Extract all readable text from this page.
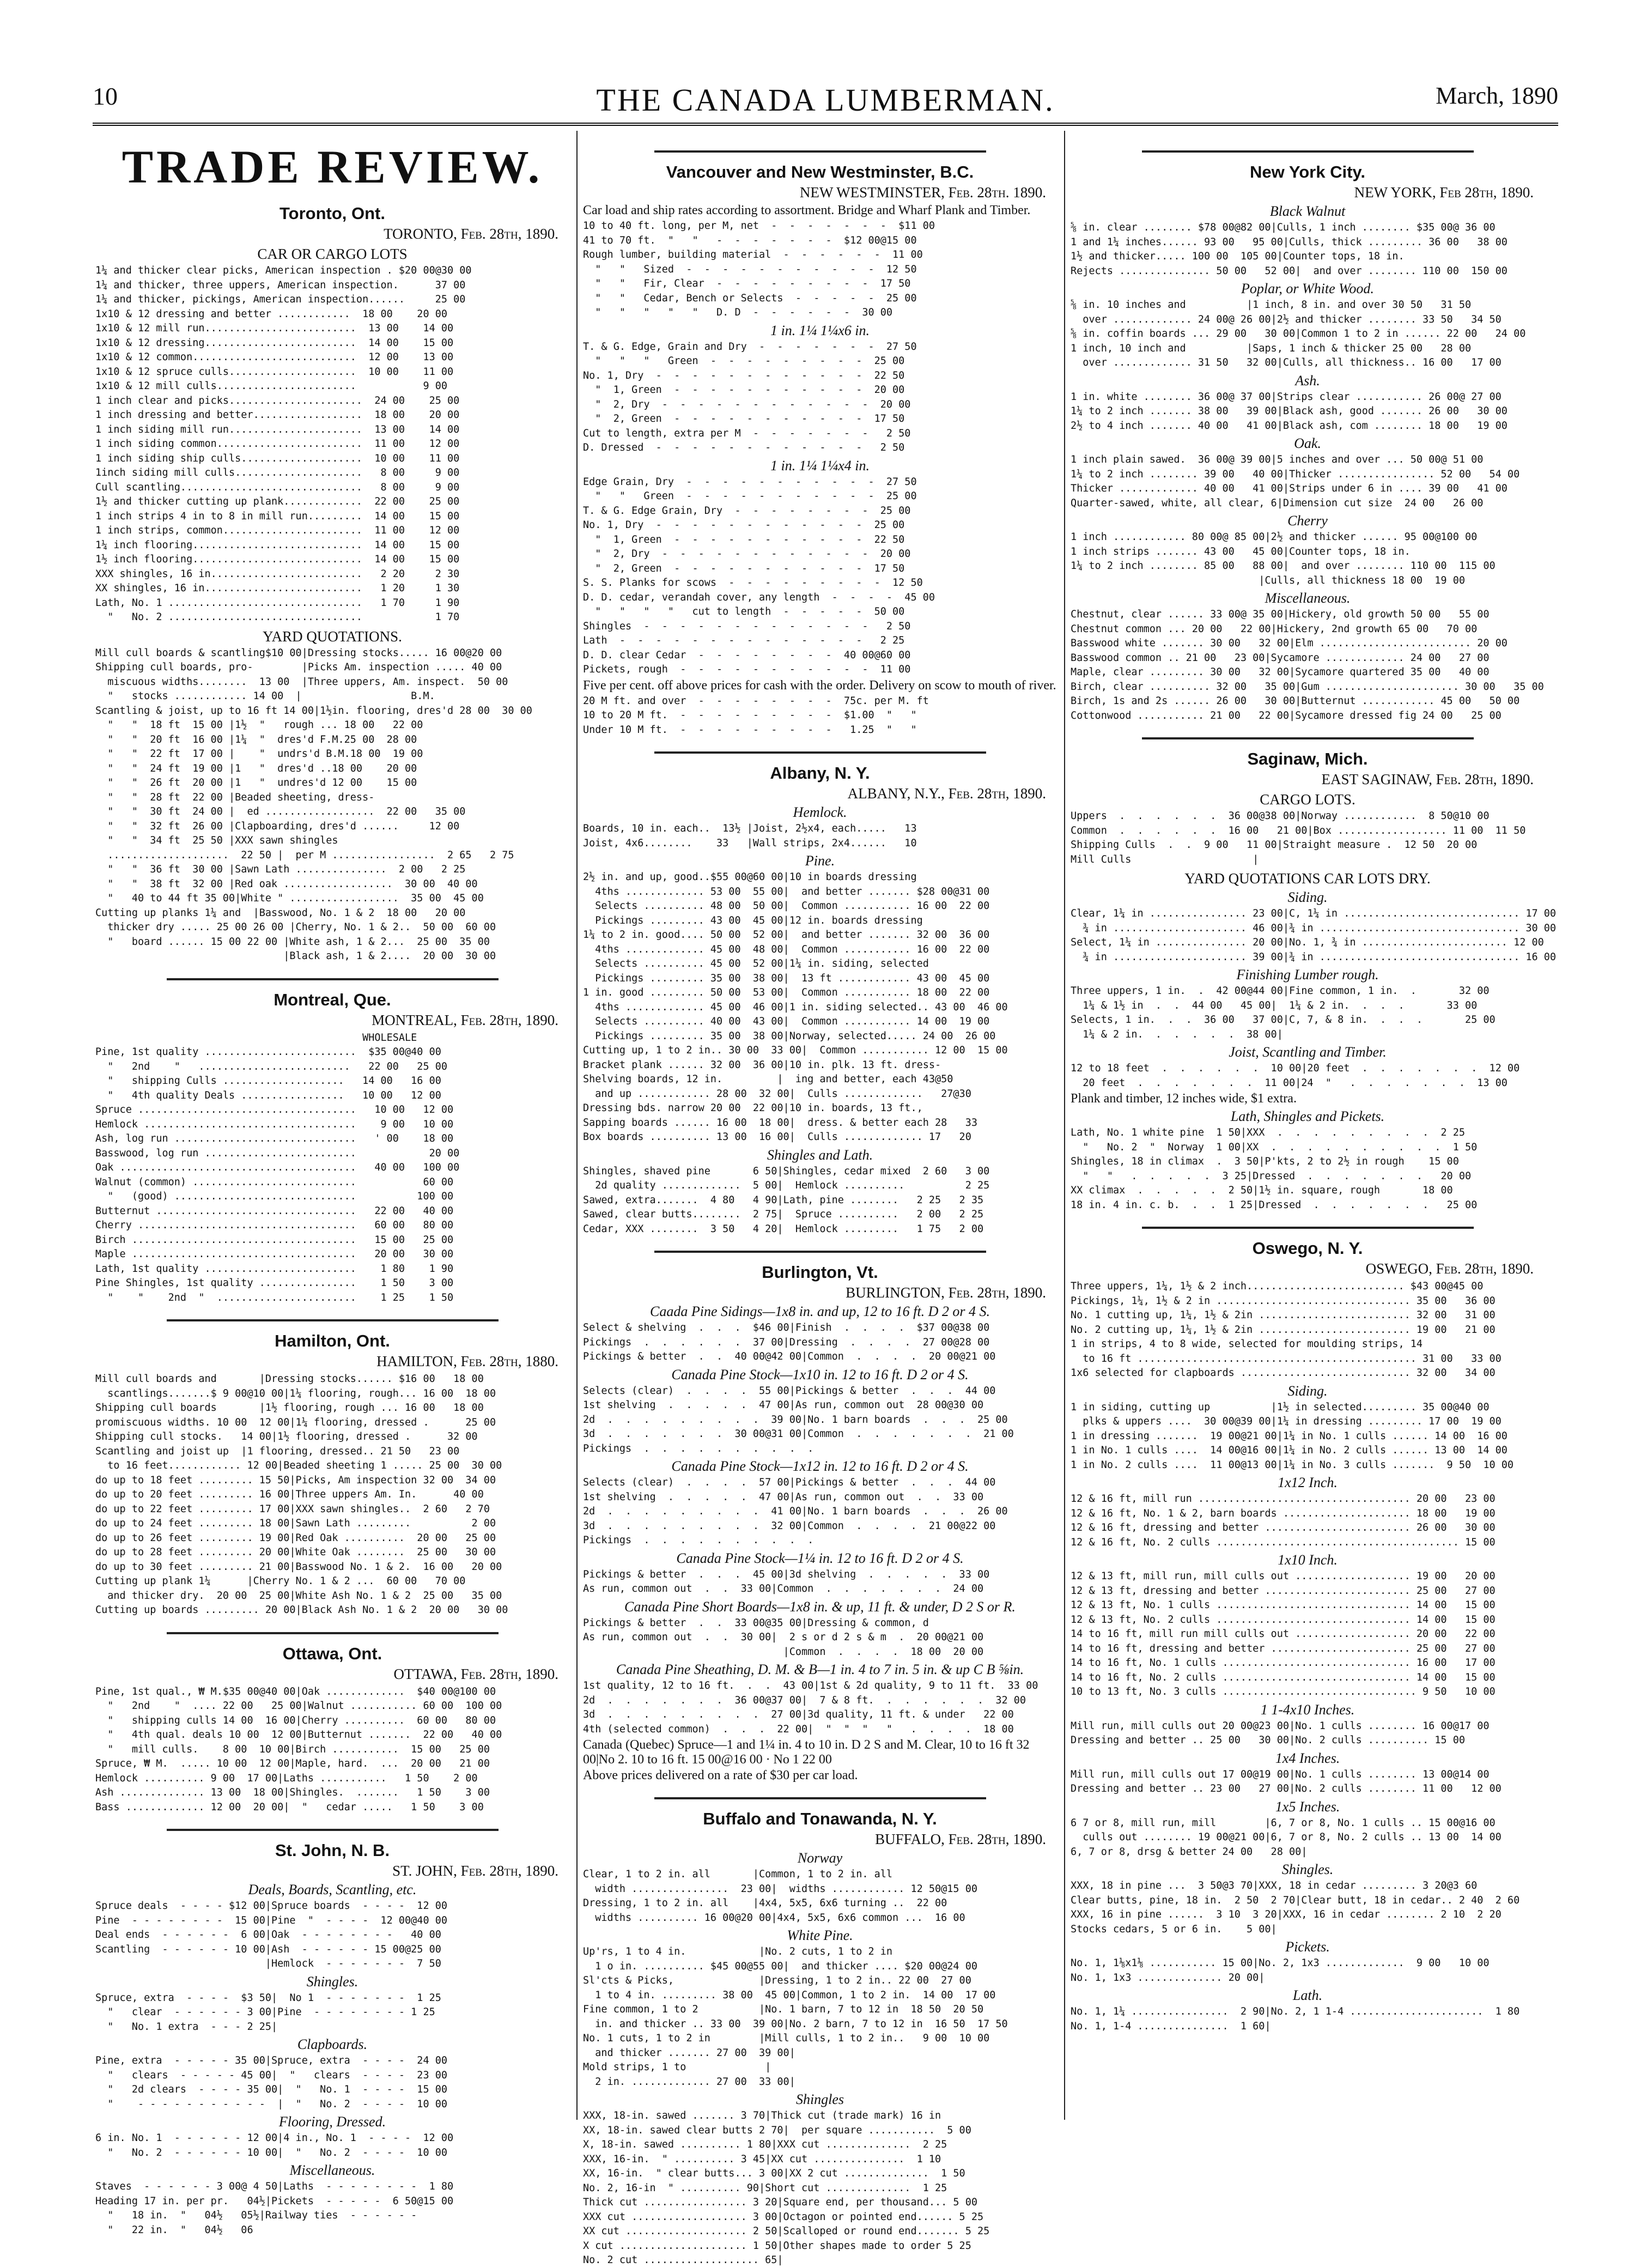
10	THE CANADA LUMBERMAN.	March, 1890
TRADE REVIEW.
Toronto, Ont.
TORONTO, Feb. 28th, 1890.
CAR OR CARGO LOTS
1¼ and thicker clear picks, American inspection . $20 00@30 00
1¼ and thicker, three uppers, American inspection.      37 00
1¼ and thicker, pickings, American inspection......     25 00
1x10 & 12 dressing and better ............  18 00    20 00
1x10 & 12 mill run.........................  13 00    14 00
1x10 & 12 dressing.........................  14 00    15 00
1x10 & 12 common...........................  12 00    13 00
1x10 & 12 spruce culls.....................  10 00    11 00
1x10 & 12 mill culls.......................           9 00
1 inch clear and picks......................  24 00    25 00
1 inch dressing and better..................  18 00    20 00
1 inch siding mill run......................  13 00    14 00
1 inch siding common........................  11 00    12 00
1 inch siding ship culls....................  10 00    11 00
1inch siding mill culls.....................   8 00     9 00
Cull scantling..............................   8 00     9 00
1½ and thicker cutting up plank.............  22 00    25 00
1 inch strips 4 in to 8 in mill run.........  14 00    15 00
1 inch strips, common.......................  11 00    12 00
1¼ inch flooring............................  14 00    15 00
1½ inch flooring............................  14 00    15 00
XXX shingles, 16 in.........................   2 20     2 30
XX shingles, 16 in..........................   1 20     1 30
Lath, No. 1 ................................   1 70     1 90
"   No. 2 ................................            1 70
YARD QUOTATIONS.
Mill cull boards & scantling$10 00|Dressing stocks..... 16 00@20 00
Shipping cull boards, pro-        |Picks Am. inspection ..... 40 00
miscuous widths........  13 00  |Three uppers, Am. inspect.  50 00
"   stocks ............ 14 00  |                  B.M.
Scantling & joist, up to 16 ft 14 00|1½in. flooring, dres'd 28 00  30 00
"   "  18 ft  15 00 |1½  "   rough ... 18 00   22 00
"   "  20 ft  16 00 |1¼  "  dres'd F.M.25 00  28 00
"   "  22 ft  17 00 |    "  undrs'd B.M.18 00  19 00
"   "  24 ft  19 00 |1   "  dres'd ..18 00    20 00
"   "  26 ft  20 00 |1   "  undres'd 12 00    15 00
"   "  28 ft  22 00 |Beaded sheeting, dress-
"   "  30 ft  24 00 |  ed ..................  22 00   35 00
"   "  32 ft  26 00 |Clapboarding, dres'd ......     12 00
"   "  34 ft  25 50 |XXX sawn shingles
....................  22 50 |  per M .................  2 65   2 75
"   "  36 ft  30 00 |Sawn Lath ...............  2 00   2 25
"   "  38 ft  32 00 |Red oak ..................  30 00  40 00
"   40 to 44 ft 35 00|White " ..................  35 00  45 00
Cutting up planks 1¼ and  |Basswood, No. 1 & 2  18 00   20 00
thicker dry ..... 25 00 26 00 |Cherry, No. 1 & 2..  50 00  60 00
"   board ...... 15 00 22 00 |White ash, 1 & 2...  25 00  35 00
|Black ash, 1 & 2....  20 00  30 00
Montreal, Que.
MONTREAL, Feb. 28th, 1890.
WHOLESALE
Pine, 1st quality .........................  $35 00@40 00
"   2nd    "   .........................   22 00   25 00
"   shipping Culls ....................   14 00   16 00
"   4th quality Deals .................   10 00   12 00
Spruce ....................................   10 00   12 00
Hemlock ...................................    9 00   10 00
Ash, log run ..............................   ' 00    18 00
Basswood, log run .........................            20 00
Oak .......................................   40 00   100 00
Walnut (common) ...........................           60 00
"   (good) ..............................          100 00
Butternut .................................   22 00   40 00
Cherry ....................................   60 00   80 00
Birch .....................................   15 00   25 00
Maple .....................................   20 00   30 00
Lath, 1st quality .........................    1 80    1 90
Pine Shingles, 1st quality ................    1 50    3 00
"    "    2nd  "  .......................    1 25    1 50
Hamilton, Ont.
HAMILTON, Feb. 28th, 1880.
Mill cull boards and       |Dressing stocks...... $16 00   18 00
scantlings.......$ 9 00@10 00|1¼ flooring, rough... 16 00  18 00
Shipping cull boards       |1½ flooring, rough ... 16 00   18 00
promiscuous widths. 10 00  12 00|1¼ flooring, dressed .      25 00
Shipping cull stocks.   14 00|1½ flooring, dressed .      32 00
Scantling and joist up  |1 flooring, dressed.. 21 50   23 00
to 16 feet............ 12 00|Beaded sheeting 1 ..... 25 00  30 00
do up to 18 feet ......... 15 50|Picks, Am inspection 32 00  34 00
do up to 20 feet ......... 16 00|Three uppers Am. In.      40 00
do up to 22 feet ......... 17 00|XXX sawn shingles..  2 60   2 70
do up to 24 feet ......... 18 00|Sawn Lath .........          2 00
do up to 26 feet ......... 19 00|Red Oak ..........  20 00   25 00
do up to 28 feet ......... 20 00|White Oak ........  25 00   30 00
do up to 30 feet ......... 21 00|Basswood No. 1 & 2.  16 00   20 00
Cutting up plank 1¼      |Cherry No. 1 & 2 ...  60 00   70 00
and thicker dry.  20 00  25 00|White Ash No. 1 & 2  25 00   35 00
Cutting up boards ......... 20 00|Black Ash No. 1 & 2  20 00   30 00
Ottawa, Ont.
OTTAWA, Feb. 28th, 1890.
Pine, 1st qual., ₩ M.$35 00@40 00|Oak .............  $40 00@100 00
"   2nd    "  .... 22 00   25 00|Walnut ........... 60 00  100 00
"   shipping culls 14 00  16 00|Cherry ..........  60 00   80 00
"   4th qual. deals 10 00  12 00|Butternut .......  22 00   40 00
"   mill culls.    8 00  10 00|Birch ...........  15 00   25 00
Spruce, ₩ M.  ..... 10 00  12 00|Maple, hard.  ...  20 00   21 00
Hemlock .......... 9 00  17 00|Laths ...........   1 50    2 00
Ash .............. 13 00  18 00|Shingles.  .......   1 50    3 00
Bass ............. 12 00  20 00|  "   cedar .....   1 50    3 00
St. John, N. B.
ST. JOHN, Feb. 28th, 1890.
Deals, Boards, Scantling, etc.
Spruce deals  - - - - $12 00|Spruce boards  - - - -  12 00
Pine  - - - - - - - -  15 00|Pine  "  - - - -  12 00@40 00
Deal ends  - - - - - -  6 00|Oak  - - - - - - - -   40 00
Scantling  - - - - - - 10 00|Ash  - - - - - - 15 00@25 00
|Hemlock  - - - - - - -  7 50
Shingles.
Spruce, extra  - - - -  $3 50|  No 1  - - - - - - -  1 25
"   clear  - - - - - - 3 00|Pine  - - - - - - - - 1 25
"   No. 1 extra  - - - 2 25|
Clapboards.
Pine, extra  - - - - - 35 00|Spruce, extra  - - - -  24 00
"   clears  - - - - - 45 00|  "   clears  - - - -  23 00
"   2d clears  - - - - 35 00|  "   No. 1  - - - -  15 00
"    - - - - - - - - - - -  |  "   No. 2  - - - -  10 00
Flooring, Dressed.
6 in. No. 1  - - - - - - 12 00|4 in., No. 1  - - - -  12 00
"   No. 2  - - - - - - 10 00|  "   No. 2  - - - -  10 00
Miscellaneous.
Staves  - - - - - - 3 00@ 4 50|Laths  - - - - - - - -  1 80
Heading 17 in. per pr.   04½|Pickets  - - - - -  6 50@15 00
"   18 in.  "   04½   05½|Railway ties  - - - - - -
"   22 in.  "   04½   06
Vancouver and New Westminster, B.C.
NEW WESTMINSTER, Feb. 28th. 1890.
Car load and ship rates according to assortment. Bridge and Wharf Plank and Timber.
10 to 40 ft. long, per M, net  -  -  -  -  -  -  -  $11 00
41 to 70 ft.  "   "   -  -  -  -  -  -  -  $12 00@15 00
Rough lumber, building material  -  -  -  -  -  -  11 00
"   "   Sized  -  -  -  -  -  -  -  -  -  -  -  12 50
"   "   Fir, Clear  -  -  -  -  -  -  -  -  -  17 50
"   "   Cedar, Bench or Selects  -  -  -  -  -  25 00
"   "   "   "   "   D. D  -  -  -  -  -  -  30 00
1 in. 1¼ 1¼x6 in.
T. & G. Edge, Grain and Dry  -  -  -  -  -  -  -  27 50
"   "   "   Green  -  -  -  -  -  -  -  -  -  25 00
No. 1, Dry  -  -  -  -  -  -  -  -  -  -  -  -  22 50
"  1, Green  -  -  -  -  -  -  -  -  -  -  -  20 00
"  2, Dry  -  -  -  -  -  -  -  -  -  -  -  -  20 00
"  2, Green  -  -  -  -  -  -  -  -  -  -  -  17 50
Cut to length, extra per M  -  -  -  -  -  -  -   2 50
D. Dressed  -  -  -  -  -  -  -  -  -  -  -  -   2 50
1 in. 1¼ 1¼x4 in.
Edge Grain, Dry  -  -  -  -  -  -  -  -  -  -  -  27 50
"   "   Green  -  -  -  -  -  -  -  -  -  -  -  25 00
T. & G. Edge Grain, Dry  -  -  -  -  -  -  -  -  25 00
No. 1, Dry  -  -  -  -  -  -  -  -  -  -  -  -  25 00
"  1, Green  -  -  -  -  -  -  -  -  -  -  -  22 50
"  2, Dry  -  -  -  -  -  -  -  -  -  -  -  -  20 00
"  2, Green  -  -  -  -  -  -  -  -  -  -  -  17 50
S. S. Planks for scows  -  -  -  -  -  -  -  -  -  12 50
D. D. cedar, verandah cover, any length  -  -  -  -  45 00
"   "   "   "   cut to length  -  -  -  -  -  50 00
Shingles  -  -  -  -  -  -  -  -  -  -  -  -  -   2 50
Lath  -  -  -  -  -  -  -  -  -  -  -  -  -  -   2 25
D. D. clear Cedar  -  -  -  -  -  -  -  -  40 00@60 00
Pickets, rough  -  -  -  -  -  -  -  -  -  -  -  11 00
Five per cent. off above prices for cash with the order. Delivery on scow to mouth of river.
20 M ft. and over  -  -  -  -  -  -  -  -  75c. per M. ft
10 to 20 M ft.  -  -  -  -  -  -  -  -  -  $1.00  "   "
Under 10 M ft.  -  -  -  -  -  -  -  -  -   1.25  "   "
Albany, N. Y.
ALBANY, N.Y., Feb. 28th, 1890.
Hemlock.
Boards, 10 in. each..  13½ |Joist, 2½x4, each.....   13
Joist, 4x6........    33   |Wall strips, 2x4......   10
Pine.
2½ in. and up, good..$55 00@60 00|10 in boards dressing
4ths ............. 53 00  55 00|  and better ....... $28 00@31 00
Selects .......... 48 00  50 00|  Common ........... 16 00  22 00
Pickings ......... 43 00  45 00|12 in. boards dressing
1¼ to 2 in. good.... 50 00  52 00|  and better ....... 32 00  36 00
4ths ............. 45 00  48 00|  Common ........... 16 00  22 00
Selects .......... 45 00  52 00|1¼ in. siding, selected
Pickings ......... 35 00  38 00|  13 ft ............ 43 00  45 00
1 in. good ......... 50 00  53 00|  Common ........... 18 00  22 00
4ths ............. 45 00  46 00|1 in. siding selected.. 43 00  46 00
Selects .......... 40 00  43 00|  Common ........... 14 00  19 00
Pickings ......... 35 00  38 00|Norway, selected..... 24 00  26 00
Cutting up, 1 to 2 in.. 30 00  33 00|  Common ........... 12 00  15 00
Bracket plank ...... 32 00  36 00|10 in. plk. 13 ft. dress-
Shelving boards, 12 in.         |  ing and better, each 43@50
and up ............ 28 00  32 00|  Culls .............   27@30
Dressing bds. narrow 20 00  22 00|10 in. boards, 13 ft.,
Sapping boards ...... 16 00  18 00|  dress. & better each 28   33
Box boards .......... 13 00  16 00|  Culls ............. 17   20
Shingles and Lath.
Shingles, shaved pine       6 50|Shingles, cedar mixed  2 60   3 00
2d quality .............  5 00|  Hemlock ..........          2 25
Sawed, extra.......  4 80   4 90|Lath, pine ........   2 25   2 35
Sawed, clear butts........  2 75|  Spruce ..........   2 00   2 25
Cedar, XXX ........  3 50   4 20|  Hemlock .........   1 75   2 00
Burlington, Vt.
BURLINGTON, Feb. 28th, 1890.
Caada Pine Sidings—1x8 in. and up, 12 to 16 ft. D 2 or 4 S.
Select & shelving  .  .  .  $46 00|Finish  .  .  .  .  $37 00@38 00
Pickings  .  .  .  .  .  .  37 00|Dressing  .  .  .  .  27 00@28 00
Pickings & better  .  .  40 00@42 00|Common  .  .  .  .  20 00@21 00
Canada Pine Stock—1x10 in. 12 to 16 ft. D 2 or 4 S.
Selects (clear)  .  .  .  .  55 00|Pickings & better  .  .  .  44 00
1st shelving  .  .  .  .  .  47 00|As run, common out  28 00@30 00
2d  .  .  .  .  .  .  .  .  .  39 00|No. 1 barn boards  .  .  .  25 00
3d  .  .  .  .  .  .  .  30 00@31 00|Common  .  .  .  .  .  .  .  21 00
Pickings  .  .  .  .  .  .  .  .  .  .
Canada Pine Stock—1x12 in. 12 to 16 ft. D 2 or 4 S.
Selects (clear)  .  .  .  .  57 00|Pickings & better  .  .  .  44 00
1st shelving  .  .  .  .  .  47 00|As run, common out  .  .  33 00
2d  .  .  .  .  .  .  .  .  .  41 00|No. 1 barn boards  .  .  .  26 00
3d  .  .  .  .  .  .  .  .  .  32 00|Common  .  .  .  .  21 00@22 00
Pickings  .  .  .  .  .  .  .  .  .  .
Canada Pine Stock—1¼ in. 12 to 16 ft. D 2 or 4 S.
Pickings & better  .  .  .  45 00|3d shelving  .  .  .  .  .  33 00
As run, common out  .  .  33 00|Common  .  .  .  .  .  .  .  24 00
Canada Pine Short Boards—1x8 in. & up, 11 ft. & under, D 2 S or R.
Pickings & better  .  .  33 00@35 00|Dressing & common, d
As run, common out  .  .  30 00|  2 s or d 2 s & m  .  20 00@21 00
|Common  .  .  .  .  18 00  20 00
Canada Pine Sheathing, D. M. & B—1 in. 4 to 7 in. 5 in. & up C B ⅝in.
1st quality, 12 to 16 ft.  .  .  43 00|1st & 2d quality, 9 to 11 ft.  33 00
2d  .  .  .  .  .  .  .  36 00@37 00|  7 & 8 ft.  .  .  .  .  .  .  32 00
3d  .  .  .  .  .  .  .  .  .  27 00|3d quality, 11 ft. & under   22 00
4th (selected common)  .  .  .  22 00|  "  "  "   "   .  .  .  .  18 00
Canada (Quebec) Spruce—1 and 1¼ in. 4 to 10 in. D 2 S and M. Clear, 10 to 16 ft 32 00|No 2. 10 to 16 ft. 15 00@16 00 · No 1 22 00
Above prices delivered on a rate of $30 per car load.
Buffalo and Tonawanda, N. Y.
BUFFALO, Feb. 28th, 1890.
Norway
Clear, 1 to 2 in. all       |Common, 1 to 2 in. all
width ................  23 00|  widths ............ 12 50@15 00
Dressing, 1 to 2 in. all    |4x4, 5x5, 6x6 turning ..  22 00
widths .......... 16 00@20 00|4x4, 5x5, 6x6 common ...  16 00
White Pine.
Up'rs, 1 to 4 in.            |No. 2 cuts, 1 to 2 in
1 o in. .......... $45 00@55 00|  and thicker .... $20 00@24 00
Sl'cts & Picks,              |Dressing, 1 to 2 in.. 22 00  27 00
1 to 4 in. ......... 38 00  45 00|Common, 1 to 2 in.  14 00  17 00
Fine common, 1 to 2          |No. 1 barn, 7 to 12 in  18 50  20 50
in. and thicker .. 33 00  39 00|No. 2 barn, 7 to 12 in  16 50  17 50
No. 1 cuts, 1 to 2 in        |Mill culls, 1 to 2 in..   9 00  10 00
and thicker ....... 27 00  39 00|
Mold strips, 1 to             |
2 in. ............. 27 00  33 00|
Shingles
XXX, 18-in. sawed ....... 3 70|Thick cut (trade mark) 16 in
XX, 18-in. sawed clear butts 2 70|  per square ...........  5 00
X, 18-in. sawed .......... 1 80|XXX cut ..............  2 25
XXX, 16-in.  " .......... 3 45|XX cut ...............  1 10
XX, 16-in.  " clear butts... 3 00|XX 2 cut ..............  1 50
No. 2, 16-in  " .......... 90|Short cut ..............  1 25
Thick cut ................. 3 20|Square end, per thousand... 5 00
XXX cut ................... 3 00|Octagon or pointed end...... 5 25
XX cut .................... 2 50|Scalloped or round end....... 5 25
X cut ..................... 1 50|Other shapes made to order 5 25
No. 2 cut ................... 65|
New York City.
NEW YORK, Feb 28th, 1890.
Black Walnut
⅝ in. clear ........ $78 00@82 00|Culls, 1 inch ........ $35 00@ 36 00
1 and 1¼ inches...... 93 00   95 00|Culls, thick ......... 36 00   38 00
1½ and thicker..... 100 00  105 00|Counter tops, 18 in.
Rejects ............... 50 00   52 00|  and over ........ 110 00  150 00
Poplar, or White Wood.
⅝ in. 10 inches and          |1 inch, 8 in. and over 30 50   31 50
over ............. 24 00@ 26 00|2½ and thicker ........ 33 50   34 50
⅝ in. coffin boards ... 29 00   30 00|Common 1 to 2 in ...... 22 00   24 00
1 inch, 10 inch and          |Saps, 1 inch & thicker 25 00   28 00
over ............. 31 50   32 00|Culls, all thickness.. 16 00   17 00
Ash.
1 in. white ........ 36 00@ 37 00|Strips clear ........... 26 00@ 27 00
1¼ to 2 inch ....... 38 00   39 00|Black ash, good ....... 26 00   30 00
2½ to 4 inch ....... 40 00   41 00|Black ash, com ........ 18 00   19 00
Oak.
1 inch plain sawed.  36 00@ 39 00|5 inches and over ... 50 00@ 51 00
1¼ to 2 inch ........ 39 00   40 00|Thicker ................ 52 00   54 00
Thicker ............. 40 00   41 00|Strips under 6 in .... 39 00   41 00
Quarter-sawed, white, all clear, 6|Dimension cut size  24 00   26 00
Cherry
1 inch ............ 80 00@ 85 00|2½ and thicker ...... 95 00@100 00
1 inch strips ....... 43 00   45 00|Counter tops, 18 in.
1¼ to 2 inch ........ 85 00   88 00|  and over ........ 110 00  115 00
|Culls, all thickness 18 00  19 00
Miscellaneous.
Chestnut, clear ...... 33 00@ 35 00|Hickery, old growth 50 00   55 00
Chestnut common ... 20 00   22 00|Hickery, 2nd growth 65 00   70 00
Basswood white ....... 30 00   32 00|Elm ......................... 20 00
Basswood common .. 21 00   23 00|Sycamore ............. 24 00   27 00
Maple, clear ......... 30 00   32 00|Sycamore quartered 35 00   40 00
Birch, clear .......... 32 00   35 00|Gum ...................... 30 00   35 00
Birch, 1s and 2s ...... 26 00   30 00|Butternut ............ 45 00   50 00
Cottonwood ........... 21 00   22 00|Sycamore dressed fig 24 00   25 00
Saginaw, Mich.
EAST SAGINAW, Feb. 28th, 1890.
CARGO LOTS.
Uppers  .  .  .  .  .  .  36 00@38 00|Norway ............  8 50@10 00
Common  .  .  .  .  .  .  16 00   21 00|Box .................. 11 00  11 50
Shipping Culls  .  .  9 00   11 00|Straight measure .  12 50  20 00
Mill Culls                    |
YARD QUOTATIONS CAR LOTS DRY.
Siding.
Clear, 1¼ in ................ 23 00|C, 1¼ in ............................. 17 00
¾ in ...................... 46 00|¾ in ................................. 30 00
Select, 1¼ in ............... 20 00|No. 1, ¾ in ........................ 12 00
¾ in ...................... 39 00|¾ in ................................. 16 00
Finishing Lumber rough.
Three uppers, 1 in.  .  42 00@44 00|Fine common, 1 in.  .       32 00
1¼ & 1½ in  .  .  44 00   45 00|  1¼ & 2 in.  .  .  .       33 00
Selects, 1 in.  .  .  36 00   37 00|C, 7, & 8 in.  .  .  .       25 00
1¼ & 2 in.  .  .  .  .  .  38 00|
Joist, Scantling and Timber.
12 to 18 feet  .  .  .  .  .  .  10 00|20 feet  .  .  .  .  .  .  .  12 00
20 feet  .  .  .  .  .  .  .  11 00|24  "   .  .  .  .  .  .  .  13 00
Plank and timber, 12 inches wide, $1 extra.
Lath, Shingles and Pickets.
Lath, No. 1 white pine  1 50|XXX  .  .  .  .  .  .  .  .  .  2 25
"   No. 2  "  Norway  1 00|XX  .  .  .  .  .  .  .  .  .  .  1 50
Shingles, 18 in climax  .  3 50|P'kts, 2 to 2½ in rough    15 00
"   "   .  .  .  .  .  3 25|Dressed  .  .  .  .  .  .  .   20 00
XX climax  .  .  .  .  .  2 50|1½ in. square, rough       18 00
18 in. 4 in. c. b.  .  .  1 25|Dressed  .  .  .  .  .  .  .   25 00
Oswego, N. Y.
OSWEGO, Feb. 28th, 1890.
Three uppers, 1¼, 1½ & 2 inch.......................... $43 00@45 00
Pickings, 1¼, 1½ & 2 in ................................ 35 00   36 00
No. 1 cutting up, 1¼, 1½ & 2in ......................... 32 00   31 00
No. 2 cutting up, 1¼, 1½ & 2in ......................... 19 00   21 00
1 in strips, 4 to 8 wide, selected for moulding strips, 14
to 16 ft .............................................. 31 00   33 00
1x6 selected for clapboards ............................ 32 00   34 00
Siding.
1 in siding, cutting up          |1½ in selected......... 35 00@40 00
plks & uppers ....  30 00@39 00|1¼ in dressing ......... 17 00  19 00
1 in dressing .......  19 00@21 00|1¼ in No. 1 culls ...... 14 00  16 00
1 in No. 1 culls ....  14 00@16 00|1¼ in No. 2 culls ...... 13 00  14 00
1 in No. 2 culls ....  11 00@13 00|1¼ in No. 3 culls .......  9 50  10 00
1x12 Inch.
12 & 16 ft, mill run ................................... 20 00   23 00
12 & 16 ft, No. 1 & 2, barn boards ..................... 18 00   19 00
12 & 16 ft, dressing and better ........................ 26 00   30 00
12 & 16 ft, No. 2 culls ........................................ 15 00
1x10 Inch.
12 & 13 ft, mill run, mill culls out ................... 19 00   20 00
12 & 13 ft, dressing and better ........................ 25 00   27 00
12 & 13 ft, No. 1 culls ................................ 14 00   15 00
12 & 13 ft, No. 2 culls ................................ 14 00   15 00
14 to 16 ft, mill run mill culls out ................... 20 00   22 00
14 to 16 ft, dressing and better ....................... 25 00   27 00
14 to 16 ft, No. 1 culls ............................... 16 00   17 00
14 to 16 ft, No. 2 culls ............................... 14 00   15 00
10 to 13 ft, No. 3 culls ................................ 9 50   10 00
1 1-4x10 Inches.
Mill run, mill culls out 20 00@23 00|No. 1 culls ........ 16 00@17 00
Dressing and better .. 25 00   30 00|No. 2 culls .......... 15 00
1x4 Inches.
Mill run, mill culls out 17 00@19 00|No. 1 culls ........ 13 00@14 00
Dressing and better .. 23 00   27 00|No. 2 culls ........ 11 00   12 00
1x5 Inches.
6 7 or 8, mill run, mill        |6, 7 or 8, No. 1 culls .. 15 00@16 00
culls out ........ 19 00@21 00|6, 7 or 8, No. 2 culls .. 13 00  14 00
6, 7 or 8, drsg & better 24 00   28 00|
Shingles.
XXX, 18 in pine ...  3 50@3 70|XXX, 18 in cedar ......... 3 20@3 60
Clear butts, pine, 18 in.  2 50  2 70|Clear butt, 18 in cedar.. 2 40  2 60
XXX, 16 in pine ......  3 10  3 20|XXX, 16 in cedar ........ 2 10  2 20
Stocks cedars, 5 or 6 in.    5 00|
Pickets.
No. 1, 1⅛x1⅛ ........... 15 00|No. 2, 1x3 .............  9 00   10 00
No. 1, 1x3 .............. 20 00|
Lath.
No. 1, 1¼ ................  2 90|No. 2, 1 1-4 ......................  1 80
No. 1, 1-4 ...............  1 60|
